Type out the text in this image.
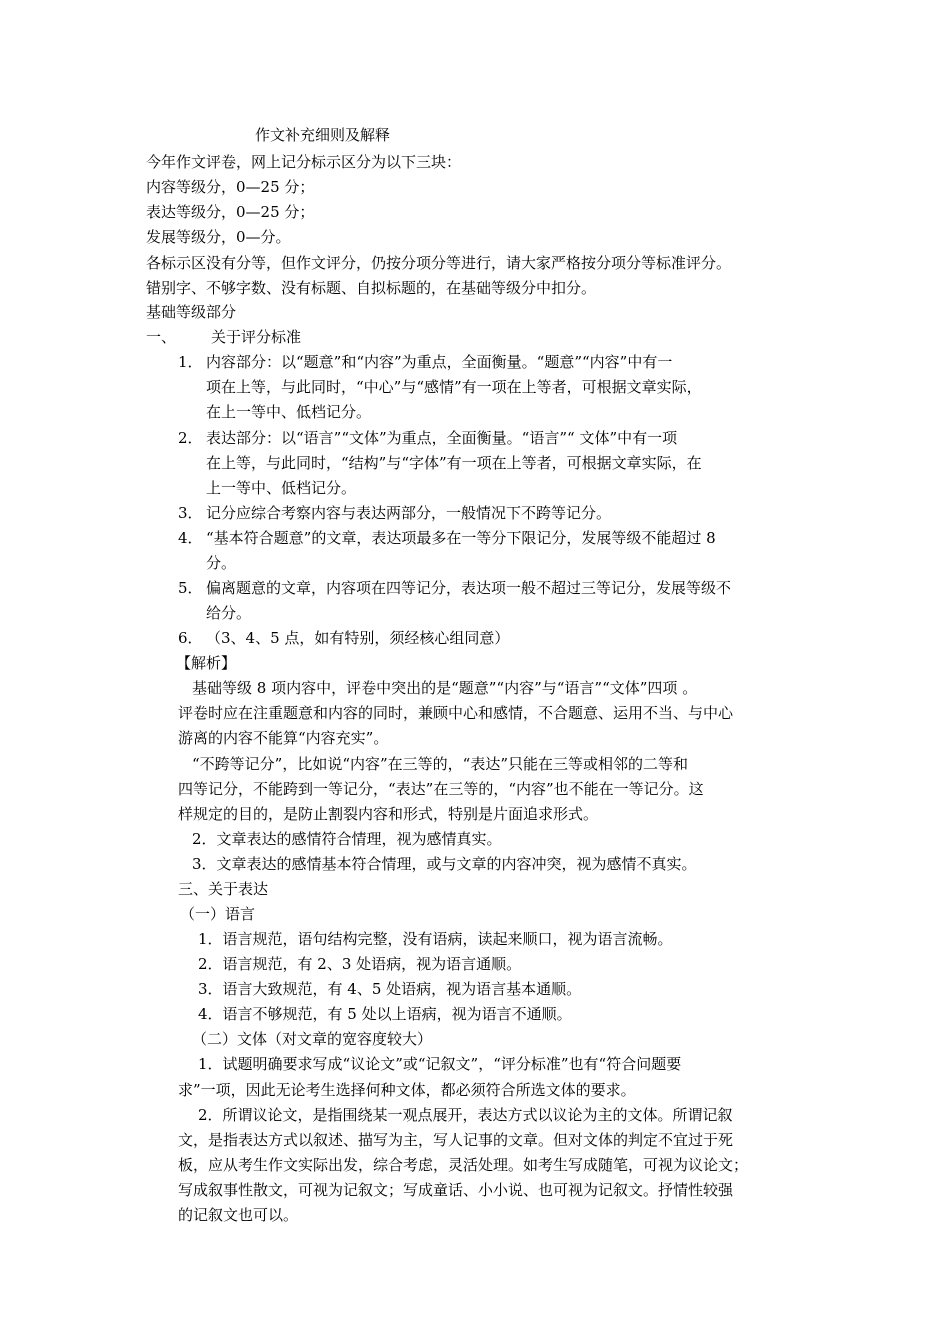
作文补充细则及解释
今年作文评卷，网上记分标示区分为以下三块：
内容等级分，0—25 分；
表达等级分，0—25 分；
发展等级分，0—分。
各标示区没有分等，但作文评分，仍按分项分等进行，请大家严格按分项分等标准评分。
错别字、不够字数、没有标题、自拟标题的，在基础等级分中扣分。
基础等级部分
一、 关于评分标准
1． 内容部分：以“题意”和“内容”为重点，全面衡量。“题意”“内容”中有一
项在上等，与此同时，“中心”与“感情”有一项在上等者，可根据文章实际，
在上一等中、低档记分。
2． 表达部分：以“语言”“文体”为重点，全面衡量。“语言”“ 文体”中有一项
在上等，与此同时，“结构”与“字体”有一项在上等者，可根据文章实际，在
上一等中、低档记分。
3． 记分应综合考察内容与表达两部分，一般情况下不跨等记分。
4． “基本符合题意”的文章，表达项最多在一等分下限记分，发展等级不能超过 8
分。
5． 偏离题意的文章，内容项在四等记分，表达项一般不超过三等记分，发展等级不
给分。
6． （3、4、5 点，如有特别，须经核心组同意）
【解析】
基础等级 8 项内容中，评卷中突出的是“题意”“内容”与“语言”“文体”四项 。
评卷时应在注重题意和内容的同时，兼顾中心和感情，不合题意、运用不当、与中心
游离的内容不能算“内容充实”。
“不跨等记分”，比如说“内容”在三等的，“表达”只能在三等或相邻的二等和
四等记分，不能跨到一等记分，“表达”在三等的，“内容”也不能在一等记分。这
样规定的目的，是防止割裂内容和形式，特别是片面追求形式。
2．文章表达的感情符合情理，视为感情真实。
3．文章表达的感情基本符合情理，或与文章的内容冲突，视为感情不真实。
三、关于表达
（一）语言
1．语言规范，语句结构完整，没有语病，读起来顺口，视为语言流畅。
2．语言规范，有 2、3 处语病，视为语言通顺。
3．语言大致规范，有 4、5 处语病，视为语言基本通顺。
4．语言不够规范，有 5 处以上语病，视为语言不通顺。
（二）文体（对文章的宽容度较大）
1．试题明确要求写成“议论文”或“记叙文”，“评分标准”也有“符合问题要
求”一项，因此无论考生选择何种文体，都必须符合所选文体的要求。
2．所谓议论文，是指围绕某一观点展开，表达方式以议论为主的文体。所谓记叙
文，是指表达方式以叙述、描写为主，写人记事的文章。但对文体的判定不宜过于死
板，应从考生作文实际出发，综合考虑，灵活处理。如考生写成随笔，可视为议论文；
写成叙事性散文，可视为记叙文；写成童话、小小说、也可视为记叙文。抒情性较强
的记叙文也可以。
